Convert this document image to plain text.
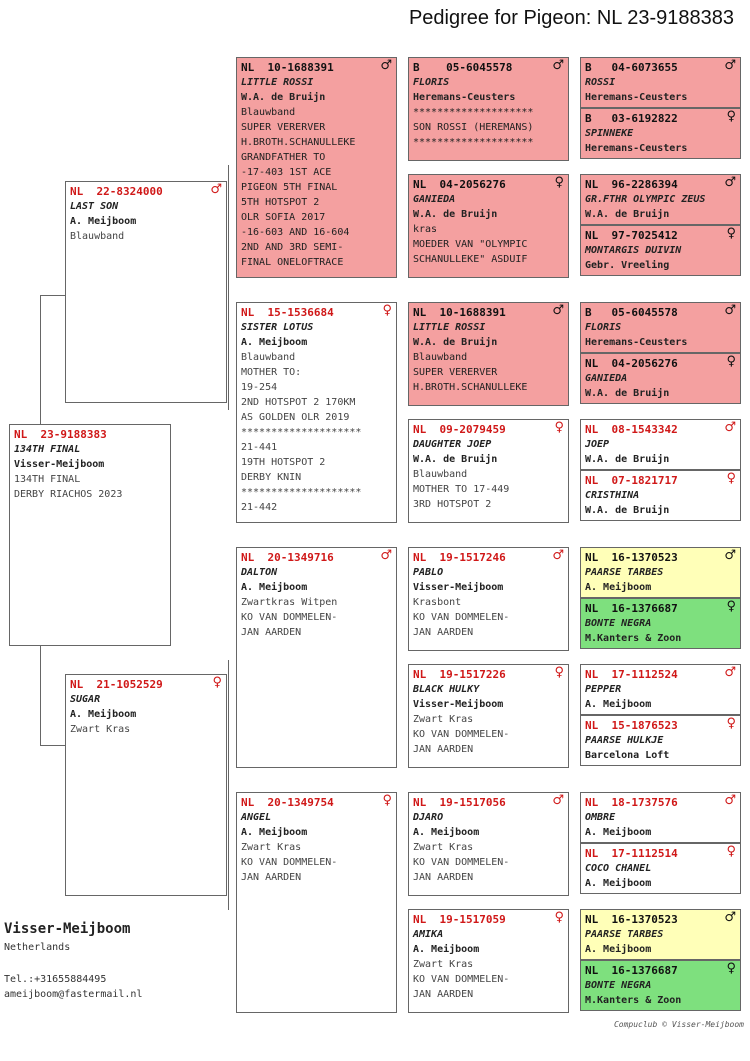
Pedigree for Pigeon: NL 23-9188383
NL  23-9188383
134TH FINAL
Visser-Meijboom
134TH FINAL
DERBY RIACHOS 2023
NL  22-8324000	♂
LAST SON
A. Meijboom
Blauwband
NL  21-1052529	♀
SUGAR
A. Meijboom
Zwart Kras
NL  10-1688391	♂
LITTLE ROSSI
W.A. de Bruijn
Blauwband
SUPER VERERVER
H.BROTH.SCHANULLEKE
GRANDFATHER TO
-17-403 1ST ACE
PIGEON 5TH FINAL
5TH HOTSPOT 2
OLR SOFIA 2017
-16-603 AND 16-604
2ND AND 3RD SEMI-
FINAL ONELOFTRACE
NL  15-1536684	♀
SISTER LOTUS
A. Meijboom
Blauwband
MOTHER TO:
19-254
2ND HOTSPOT 2 170KM
AS GOLDEN OLR 2019
********************
21-441
19TH HOTSPOT 2
DERBY KNIN
********************
21-442
NL  20-1349716	♂
DALTON
A. Meijboom
Zwartkras Witpen
KO VAN DOMMELEN-
JAN AARDEN
NL  20-1349754	♀
ANGEL
A. Meijboom
Zwart Kras
KO VAN DOMMELEN-
JAN AARDEN
B    05-6045578	♂
FLORIS
Heremans-Ceusters
********************
SON ROSSI (HEREMANS)
********************
NL  04-2056276	♀
GANIEDA
W.A. de Bruijn
kras
MOEDER VAN "OLYMPIC
SCHANULLEKE" ASDUIF
NL  10-1688391	♂
LITTLE ROSSI
W.A. de Bruijn
Blauwband
SUPER VERERVER
H.BROTH.SCHANULLEKE
NL  09-2079459	♀
DAUGHTER JOEP
W.A. de Bruijn
Blauwband
MOTHER TO 17-449
3RD HOTSPOT 2
NL  19-1517246	♂
PABLO
Visser-Meijboom
Krasbont
KO VAN DOMMELEN-
JAN AARDEN
NL  19-1517226	♀
BLACK HULKY
Visser-Meijboom
Zwart Kras
KO VAN DOMMELEN-
JAN AARDEN
NL  19-1517056	♂
DJARO
A. Meijboom
Zwart Kras
KO VAN DOMMELEN-
JAN AARDEN
NL  19-1517059	♀
AMIKA
A. Meijboom
Zwart Kras
KO VAN DOMMELEN-
JAN AARDEN
B   04-6073655	♂
ROSSI
Heremans-Ceusters
B   03-6192822	♀
SPINNEKE
Heremans-Ceusters
NL  96-2286394	♂
GR.FTHR OLYMPIC ZEUS
W.A. de Bruijn
NL  97-7025412	♀
MONTARGIS DUIVIN
Gebr. Vreeling
B   05-6045578	♂
FLORIS
Heremans-Ceusters
NL  04-2056276	♀
GANIEDA
W.A. de Bruijn
NL  08-1543342	♂
JOEP
W.A. de Bruijn
NL  07-1821717	♀
CRISTHINA
W.A. de Bruijn
NL  16-1370523	♂
PAARSE TARBES
A. Meijboom
NL  16-1376687	♀
BONTE NEGRA
M.Kanters & Zoon
NL  17-1112524	♂
PEPPER
A. Meijboom
NL  15-1876523	♀
PAARSE HULKJE
Barcelona Loft
NL  18-1737576	♂
OMBRE
A. Meijboom
NL  17-1112514	♀
COCO CHANEL
A. Meijboom
NL  16-1370523	♂
PAARSE TARBES
A. Meijboom
NL  16-1376687	♀
BONTE NEGRA
M.Kanters & Zoon
Visser-Meijboom
Netherlands
Tel.:+31655884495
ameijboom@fastermail.nl
Compuclub © Visser-Meijboom
